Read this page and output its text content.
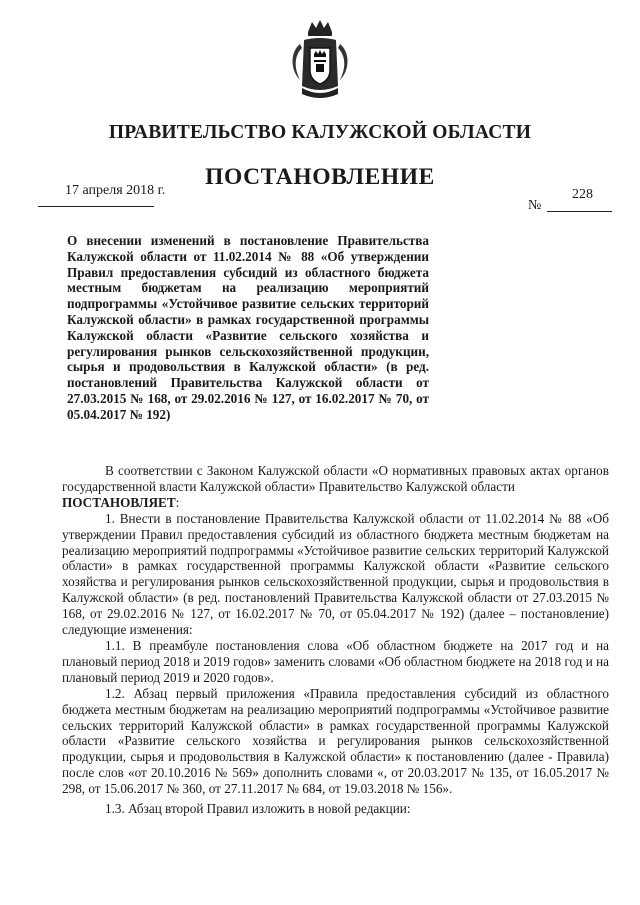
ПРАВИТЕЛЬСТВО КАЛУЖСКОЙ ОБЛАСТИ
ПОСТАНОВЛЕНИЕ
17 апреля 2018 г.
№
228
О внесении изменений в постановление Правительства Калужской области от 11.02.2014 № 88 «Об утверждении Правил предоставления субсидий из областного бюджета местным бюджетам на реализацию мероприятий подпрограммы «Устойчивое развитие сельских территорий Калужской области» в рамках государственной программы Калужской области «Развитие сельского хозяйства и регулирования рынков сельскохозяйственной продукции, сырья и продовольствия в Калужской области» (в ред. постановлений Правительства Калужской области от 27.03.2015 № 168, от 29.02.2016 № 127, от 16.02.2017 № 70, от 05.04.2017 № 192)

В соответствии с Законом Калужской области «О нормативных правовых актах органов государственной власти Калужской области» Правительство Калужской области
ПОСТАНОВЛЯЕТ:

1. Внести в постановление Правительства Калужской области от 11.02.2014 № 88 «Об утверждении Правил предоставления субсидий из областного бюджета местным бюджетам на реализацию мероприятий подпрограммы «Устойчивое развитие сельских территорий Калужской области» в рамках государственной программы Калужской области «Развитие сельского хозяйства и регулирования рынков сельскохозяйственной продукции, сырья и продовольствия в Калужской области» (в ред. постановлений Правительства Калужской области от 27.03.2015 № 168, от 29.02.2016 № 127, от 16.02.2017 № 70, от 05.04.2017 № 192) (далее – постановление) следующие изменения:

1.1. В преамбуле постановления слова «Об областном бюджете на 2017 год и на плановый период 2018 и 2019 годов» заменить словами «Об областном бюджете на 2018 год и на плановый период 2019 и 2020 годов».

1.2. Абзац первый приложения «Правила предоставления субсидий из областного бюджета местным бюджетам на реализацию мероприятий подпрограммы «Устойчивое развитие сельских территорий Калужской области» в рамках государственной программы Калужской области «Развитие сельского хозяйства и регулирования рынков сельскохозяйственной продукции, сырья и продовольствия в Калужской области» к постановлению (далее - Правила) после слов «от 20.10.2016 № 569» дополнить словами «, от 20.03.2017 № 135, от 16.05.2017 № 298, от 15.06.2017 № 360, от 27.11.2017 № 684, от 19.03.2018 № 156».

1.3. Абзац второй Правил изложить в новой редакции:
